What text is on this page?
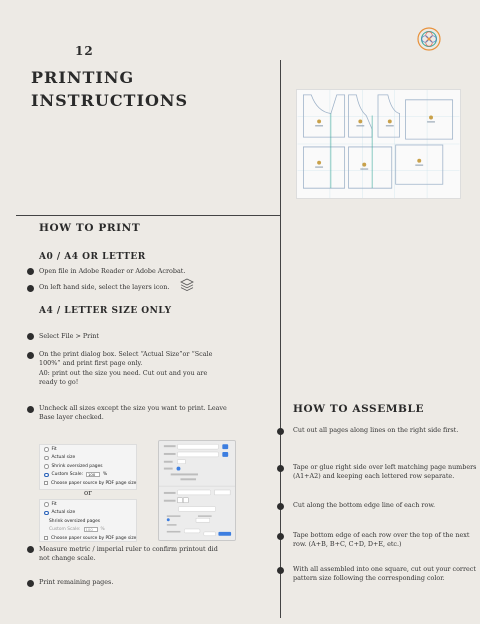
12
PRINTING
INSTRUCTIONS
HOW TO PRINT
A0 / A4 OR LETTER
Open file in Adobe Reader or Adobe Acrobat.
On left hand side, select the layers icon.
A4 / LETTER SIZE ONLY
Select File > Print
On the print dialog box. Select “Actual Size”or “Scale
100%” and print first page only.
A0: print out the size you need. Cut out and you are
ready to go!
Uncheck all sizes except the size you want to print. Leave
Base layer checked.
Fit
Actual size
Shrink oversized pages
Custom Scale:	100	%
Choose paper source by PDF page size
or
Fit
Actual size
Shrink oversized pages
Custom Scale:	100	%
Choose paper source by PDF page size
Measure metric / imperial ruler to confirm printout did
not change scale.
Print remaining pages.
HOW TO ASSEMBLE
Cut out all pages along lines on the right side first.
Tape or glue right side over left matching page numbers
(A1+A2) and keeping each lettered row separate.
Cut along the bottom edge line of each row.
Tape bottom edge of each row over the top of the next
row. (A+B, B+C, C+D, D+E, etc.)
With all assembled into one square, cut out your correct
pattern size following the corresponding color.
